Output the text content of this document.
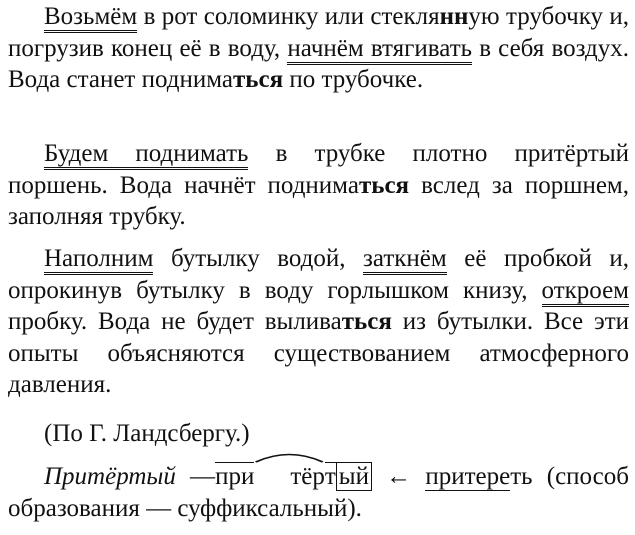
Возьмём в рот соломинку или стеклянную трубочку и, погрузив конец её в воду, начнём втягивать в себя воздух. Вода станет подниматься по трубочке.

Будем поднимать в трубке плотно притёртый поршень. Вода начнёт подниматься вслед за поршнем, заполняя трубку.

Наполним бутылку водой, заткнём её пробкой и, опрокинув бутылку в воду горлышком книзу, откроем пробку. Вода не будет выливаться из бутылки. Все эти опыты объясняются существованием атмосферного давления.

(По Г. Ландсбергу.)

Притёртый —при тёрт ый ← притереть (способ образования — суффиксальный).
